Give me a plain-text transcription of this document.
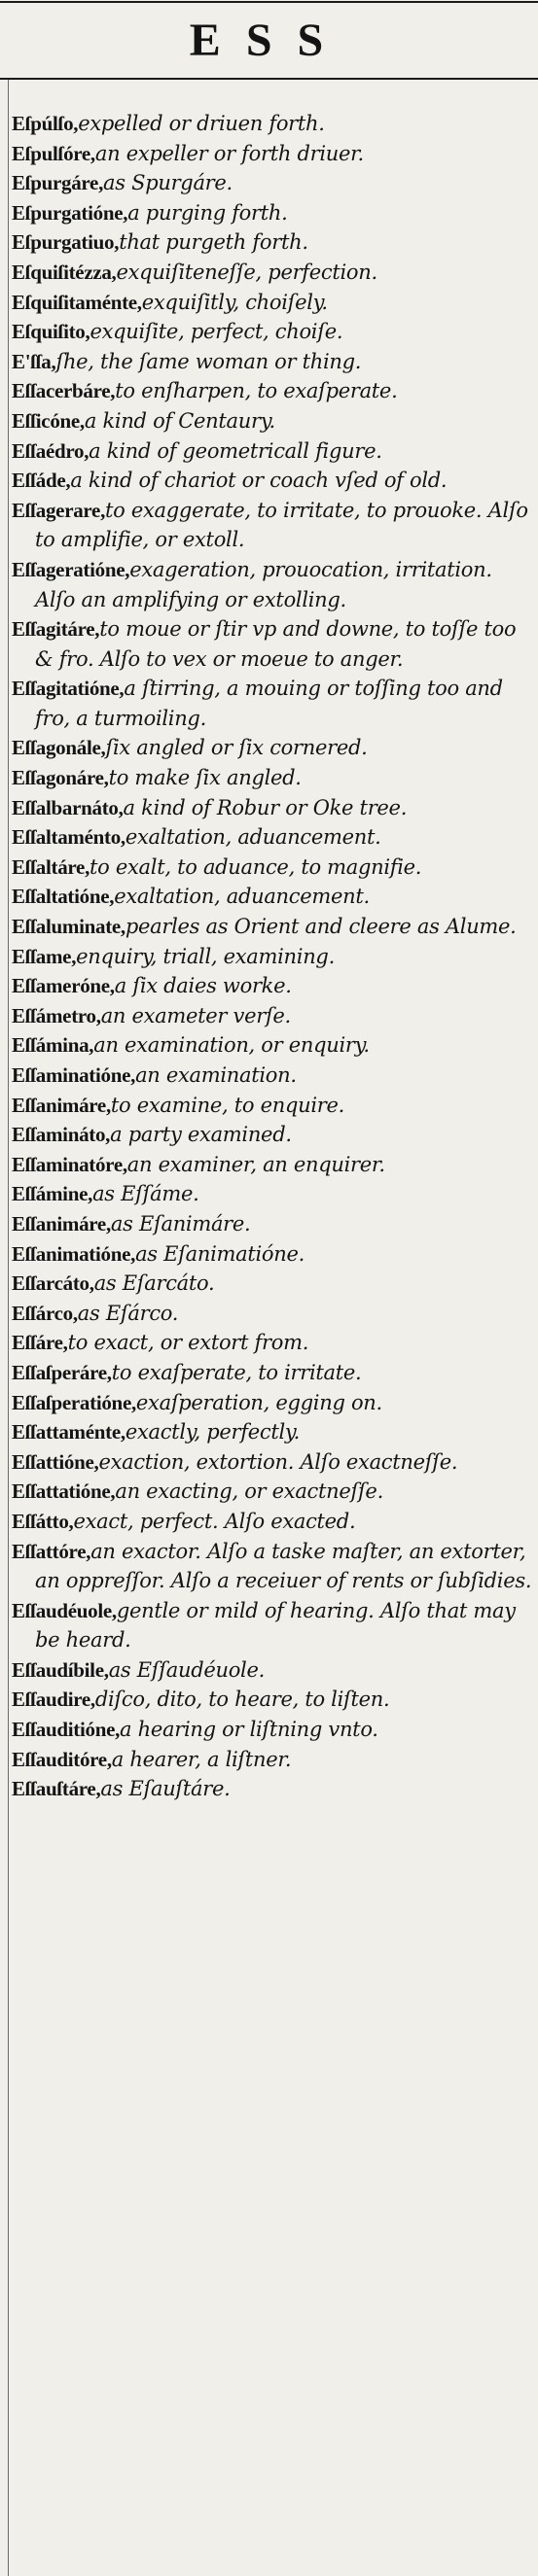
ESS
Eſpúlſo,expelled or driuen forth.
Eſpulſóre,an expeller or forth driuer.
Eſpurgáre,as Spurgáre.
Eſpurgatióne,a purging forth.
Eſpurgatiuo,that purgeth forth.
Eſquiſitézza,exquiſiteneſſe, perfection.
Eſquiſitaménte,exquiſitly, choiſely.
Eſquiſito,exquiſite, perfect, choiſe.
E'ſſa,ſhe, the ſame woman or thing.
Eſſacerbáre,to enſharpen, to exaſperate.
Eſſicóne,a kind of Centaury.
Eſſaédro,a kind of geometricall figure.
Eſſáde,a kind of chariot or coach vſed of old.
Eſſagerare,to exaggerate, to irritate, to prouoke. Alſo to amplifie, or extoll.
Eſſageratióne,exageration, prouocation, irritation. Alſo an amplifying or extolling.
Eſſagitáre,to moue or ſtir vp and downe, to toſſe too & fro. Alſo to vex or moeue to anger.
Eſſagitatióne,a ſtirring, a mouing or toſſing too and fro, a turmoiling.
Eſſagonále,ſix angled or ſix cornered.
Eſſagonáre,to make ſix angled.
Eſſalbarnáto,a kind of Robur or Oke tree.
Eſſaltaménto,exaltation, aduancement.
Eſſaltáre,to exalt, to aduance, to magnifie.
Eſſaltatióne,exaltation, aduancement.
Eſſaluminate,pearles as Orient and cleere as Alume.
Eſſame,enquiry, triall, examining.
Eſſameróne,a ſix daies worke.
Eſſámetro,an exameter verſe.
Eſſámina,an examination, or enquiry.
Eſſaminatióne,an examination.
Eſſanimáre,to examine, to enquire.
Eſſamináto,a party examined.
Eſſaminatóre,an examiner, an enquirer.
Eſſámine,as Eſſáme.
Eſſanimáre,as Eſanimáre.
Eſſanimatióne,as Eſanimatióne.
Eſſarcáto,as Eſarcáto.
Eſſárco,as Eſárco.
Eſſáre,to exact, or extort from.
Eſſaſperáre,to exaſperate, to irritate.
Eſſaſperatióne,exaſperation, egging on.
Eſſattaménte,exactly, perfectly.
Eſſattióne,exaction, extortion. Alſo exactneſſe.
Eſſattatióne,an exacting, or exactneſſe.
Eſſátto,exact, perfect. Alſo exacted.
Eſſattóre,an exactor. Alſo a taske maſter, an extorter, an oppreſſor. Alſo a receiuer of rents or ſubſidies.
Eſſaudéuole,gentle or mild of hearing. Alſo that may be heard.
Eſſaudíbile,as Eſſaudéuole.
Eſſaudire,diſco, dito, to heare, to liſten.
Eſſauditióne,a hearing or liſtning vnto.
Eſſauditóre,a hearer, a liſtner.
Eſſauſtáre,as Eſauſtáre.
